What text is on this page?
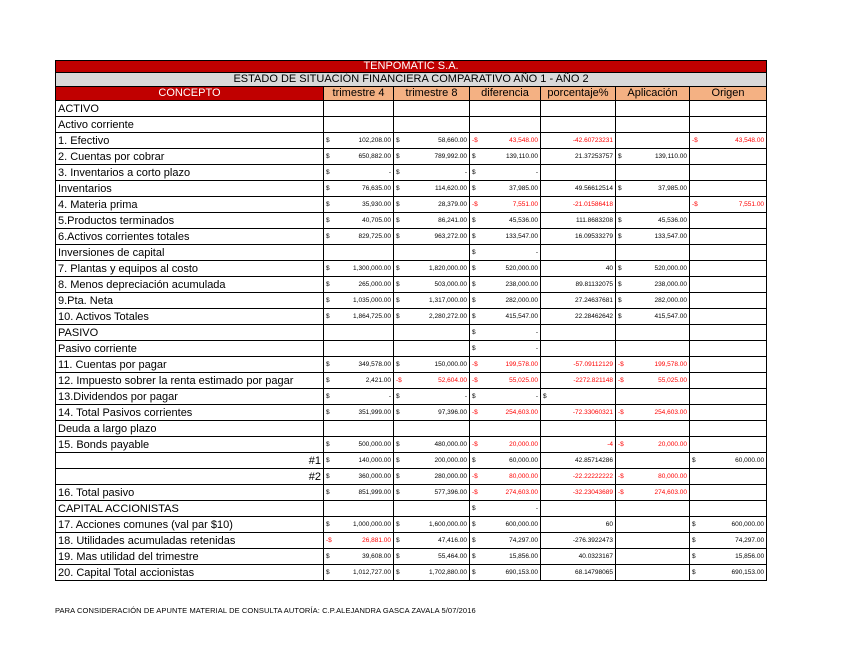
TENPOMATIC S.A.						
ESTADO DE SITUACIÓN FINANCIERA COMPARATIVO AÑO 1 - AÑO 2						
CONCEPTO	trimestre 4	trimestre 8	diferencia	porcentaje%	Aplicación	Origen
ACTIVO						
Activo corriente						
1. Efectivo	$ 102,208.00	$ 58,660.00	-$ 43,548.00	-42.60723231		-$ 43,548.00

2. Cuentas por cobrar	$ 650,882.00	$ 789,992.00	$ 139,110.00	21.37253757	$ 139,110.00	

3. Inventarios a corto plazo	$ -	$ -	$ -			

Inventarios	$ 76,635.00	$ 114,620.00	$ 37,985.00	49.56612514	$ 37,985.00	

4. Materia prima	$ 35,930.00	$ 28,379.00	-$ 7,551.00	-21.01586418		-$ 7,551.00

5.Productos terminados	$ 40,705.00	$ 86,241.00	$ 45,536.00	111.8683208	$ 45,536.00	

6.Activos corrientes totales	$ 829,725.00	$ 963,272.00	$ 133,547.00	16.09533279	$ 133,547.00	

Inversiones de capital			$ -			

7. Plantas y equipos al costo	$ 1,300,000.00	$ 1,820,000.00	$ 520,000.00	40	$ 520,000.00	

8. Menos depreciación acumulada	$ 265,000.00	$ 503,000.00	$ 238,000.00	89.81132075	$ 238,000.00	

9.Pta. Neta	$ 1,035,000.00	$ 1,317,000.00	$ 282,000.00	27.24637681	$ 282,000.00	

10. Activos Totales	$ 1,864,725.00	$ 2,280,272.00	$ 415,547.00	22.28462642	$ 415,547.00	

PASIVO			$ -			

Pasivo corriente			$ -			

11. Cuentas por pagar	$ 349,578.00	$ 150,000.00	-$ 199,578.00	-57.09112129	-$ 199,578.00	

12. Impuesto sobrer la renta estimado por pagar	$ 2,421.00	-$ 52,604.00	-$ 55,025.00	-2272.821148	-$ 55,025.00	

13.Dividendos por pagar	$ -	$ -	$ -	$		

14. Total Pasivos corrientes	$ 351,999.00	$ 97,396.00	-$ 254,603.00	-72.33060321	-$ 254,603.00	

Deuda a largo plazo						
15. Bonds payable	$ 500,000.00	$ 480,000.00	-$ 20,000.00	-4	-$ 20,000.00	

#1	$ 140,000.00	$ 200,000.00	$ 60,000.00	42.85714286		$ 60,000.00

#2	$ 360,000.00	$ 280,000.00	-$ 80,000.00	-22.22222222	-$ 80,000.00	

16. Total pasivo	$ 851,999.00	$ 577,396.00	-$ 274,603.00	-32.23043689	-$ 274,603.00	

CAPITAL ACCIONISTAS			$ -			

17. Acciones comunes (val par $10)	$ 1,000,000.00	$ 1,600,000.00	$ 600,000.00	60		$ 600,000.00

18. Utilidades acumuladas retenidas	-$ 26,881.00	$ 47,416.00	$ 74,297.00	-276.3922473		$ 74,297.00

19. Mas utilidad del trimestre	$ 39,608.00	$ 55,464.00	$ 15,856.00	40.0323167		$ 15,856.00

20. Capital Total accionistas	$ 1,012,727.00	$ 1,702,880.00	$ 690,153.00	68.14798065		$ 690,153.00
PARA CONSIDERACIÓN DE APUNTE MATERIAL DE CONSULTA AUTORÍA: C.P.ALEJANDRA GASCA ZAVALA 5/07/2016
